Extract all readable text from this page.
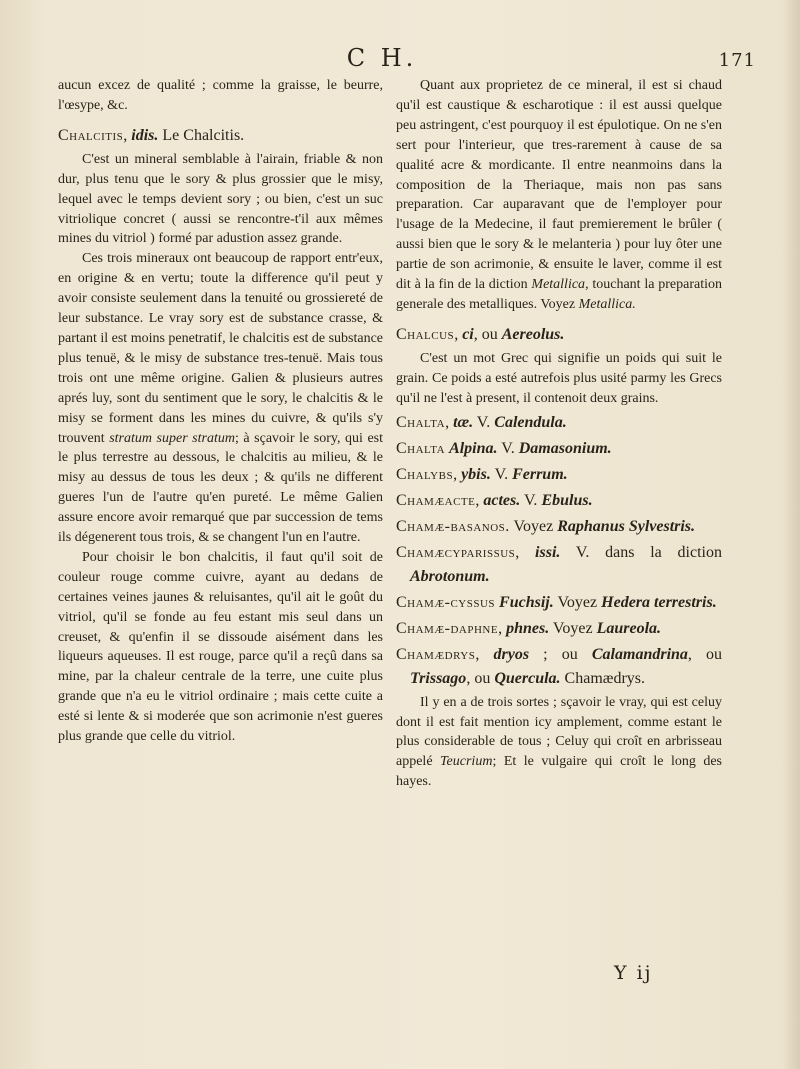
C H.	171

aucun excez de qualité ; comme la graisse, le beurre, l'œsype, &c.

Chalcitis, idis. Le Chalcitis.

C'est un mineral semblable à l'airain, friable & non dur, plus tenu que le sory & plus grossier que le misy, lequel avec le temps devient sory ; ou bien, c'est un suc vitriolique concret ( aussi se rencontre-t'il aux mêmes mines du vitriol ) formé par adustion assez grande.

Ces trois mineraux ont beaucoup de rapport entr'eux, en origine & en vertu; toute la difference qu'il peut y avoir consiste seulement dans la tenuité ou grossiereté de leur substance. Le vray sory est de substance crasse, & partant il est moins penetratif, le chalcitis est de substance plus tenuë, & le misy de substance tres-tenuë. Mais tous trois ont une même origine. Galien & plusieurs autres aprés luy, sont du sentiment que le sory, le chalcitis & le misy se forment dans les mines du cuivre, & qu'ils s'y trouvent stratum super stratum; à sçavoir le sory, qui est le plus terrestre au dessous, le chalcitis au milieu, & le misy au dessus de tous les deux ; & qu'ils ne different gueres l'un de l'autre qu'en pureté. Le même Galien assure encore avoir remarqué que par succession de tems ils dégenerent tous trois, & se changent l'un en l'autre.

Pour choisir le bon chalcitis, il faut qu'il soit de couleur rouge comme cuivre, ayant au dedans de certaines veines jaunes & reluisantes, qu'il ait le goût du vitriol, qu'il se fonde au feu estant mis seul dans un creuset, & qu'enfin il se dissoude aisément dans les liqueurs aqueuses. Il est rouge, parce qu'il a reçû dans sa mine, par la chaleur centrale de la terre, une cuite plus grande que n'a eu le vitriol ordinaire ; mais cette cuite a esté si lente & si moderée que son acrimonie n'est gueres plus grande que celle du vitriol.

Quant aux proprietez de ce mineral, il est si chaud qu'il est caustique & escharotique : il est aussi quelque peu astringent, c'est pourquoy il est épulotique. On ne s'en sert pour l'interieur, que tres-rarement à cause de sa qualité acre & mordicante. Il entre neanmoins dans la composition de la Theriaque, mais non pas sans preparation. Car auparavant que de l'employer pour l'usage de la Medecine, il faut premierement le brûler ( aussi bien que le sory & le melanteria ) pour luy ôter une partie de son acrimonie, & ensuite le laver, comme il est dit à la fin de la diction Metallica, touchant la preparation generale des metalliques. Voyez Metallica.

Chalcus, ci, ou Aereolus.

C'est un mot Grec qui signifie un poids qui suit le grain. Ce poids a esté autrefois plus usité parmy les Grecs qu'il ne l'est à present, il contenoit deux grains.

Chalta, tæ. V. Calendula.
Chalta Alpina. V. Damasonium.
Chalybs, ybis. V. Ferrum.
Chamæacte, actes. V. Ebulus.
Chamæ-basanos. Voyez Raphanus Sylvestris.
Chamæcyparissus, issi. V. dans la diction Abrotonum.
Chamæ-cyssus Fuchsij. Voyez Hedera terrestris.
Chamæ-daphne, phnes. Voyez Laureola.
Chamædrys, dryos ; ou Calamandrina, ou Trissago, ou Quercula. Chamædrys.

Il y en a de trois sortes ; sçavoir le vray, qui est celuy dont il est fait mention icy amplement, comme estant le plus considerable de tous ; Celuy qui croît en arbrisseau appelé Teucrium; Et le vulgaire qui croît le long des hayes.

Y ij
